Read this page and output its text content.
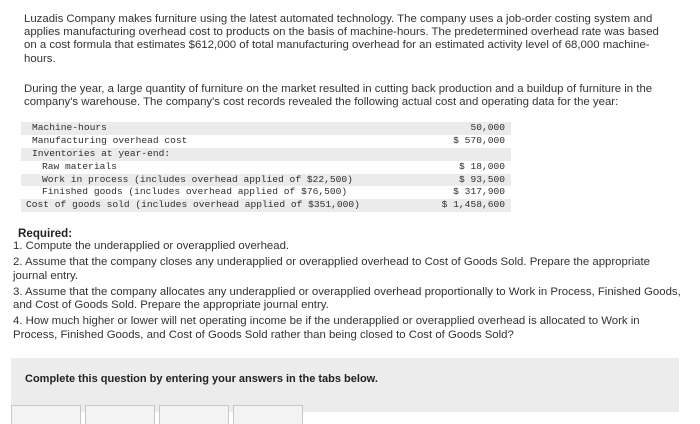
Luzadis Company makes furniture using the latest automated technology. The company uses a job-order costing system and applies manufacturing overhead cost to products on the basis of machine-hours. The predetermined overhead rate was based on a cost formula that estimates $612,000 of total manufacturing overhead for an estimated activity level of 68,000 machine-hours.
During the year, a large quantity of furniture on the market resulted in cutting back production and a buildup of furniture in the company's warehouse. The company's cost records revealed the following actual cost and operating data for the year:
Machine-hours	50,000
Manufacturing overhead cost	$ 570,000
Inventories at year-end:
Raw materials	$ 18,000
Work in process (includes overhead applied of $22,500)	$ 93,500
Finished goods (includes overhead applied of $76,500)	$ 317,900
Cost of goods sold (includes overhead applied of $351,000)	$ 1,458,600
Required:
1. Compute the underapplied or overapplied overhead.
2. Assume that the company closes any underapplied or overapplied overhead to Cost of Goods Sold. Prepare the appropriate journal entry.
3. Assume that the company allocates any underapplied or overapplied overhead proportionally to Work in Process, Finished Goods, and Cost of Goods Sold. Prepare the appropriate journal entry.
4. How much higher or lower will net operating income be if the underapplied or overapplied overhead is allocated to Work in Process, Finished Goods, and Cost of Goods Sold rather than being closed to Cost of Goods Sold?
Complete this question by entering your answers in the tabs below.
